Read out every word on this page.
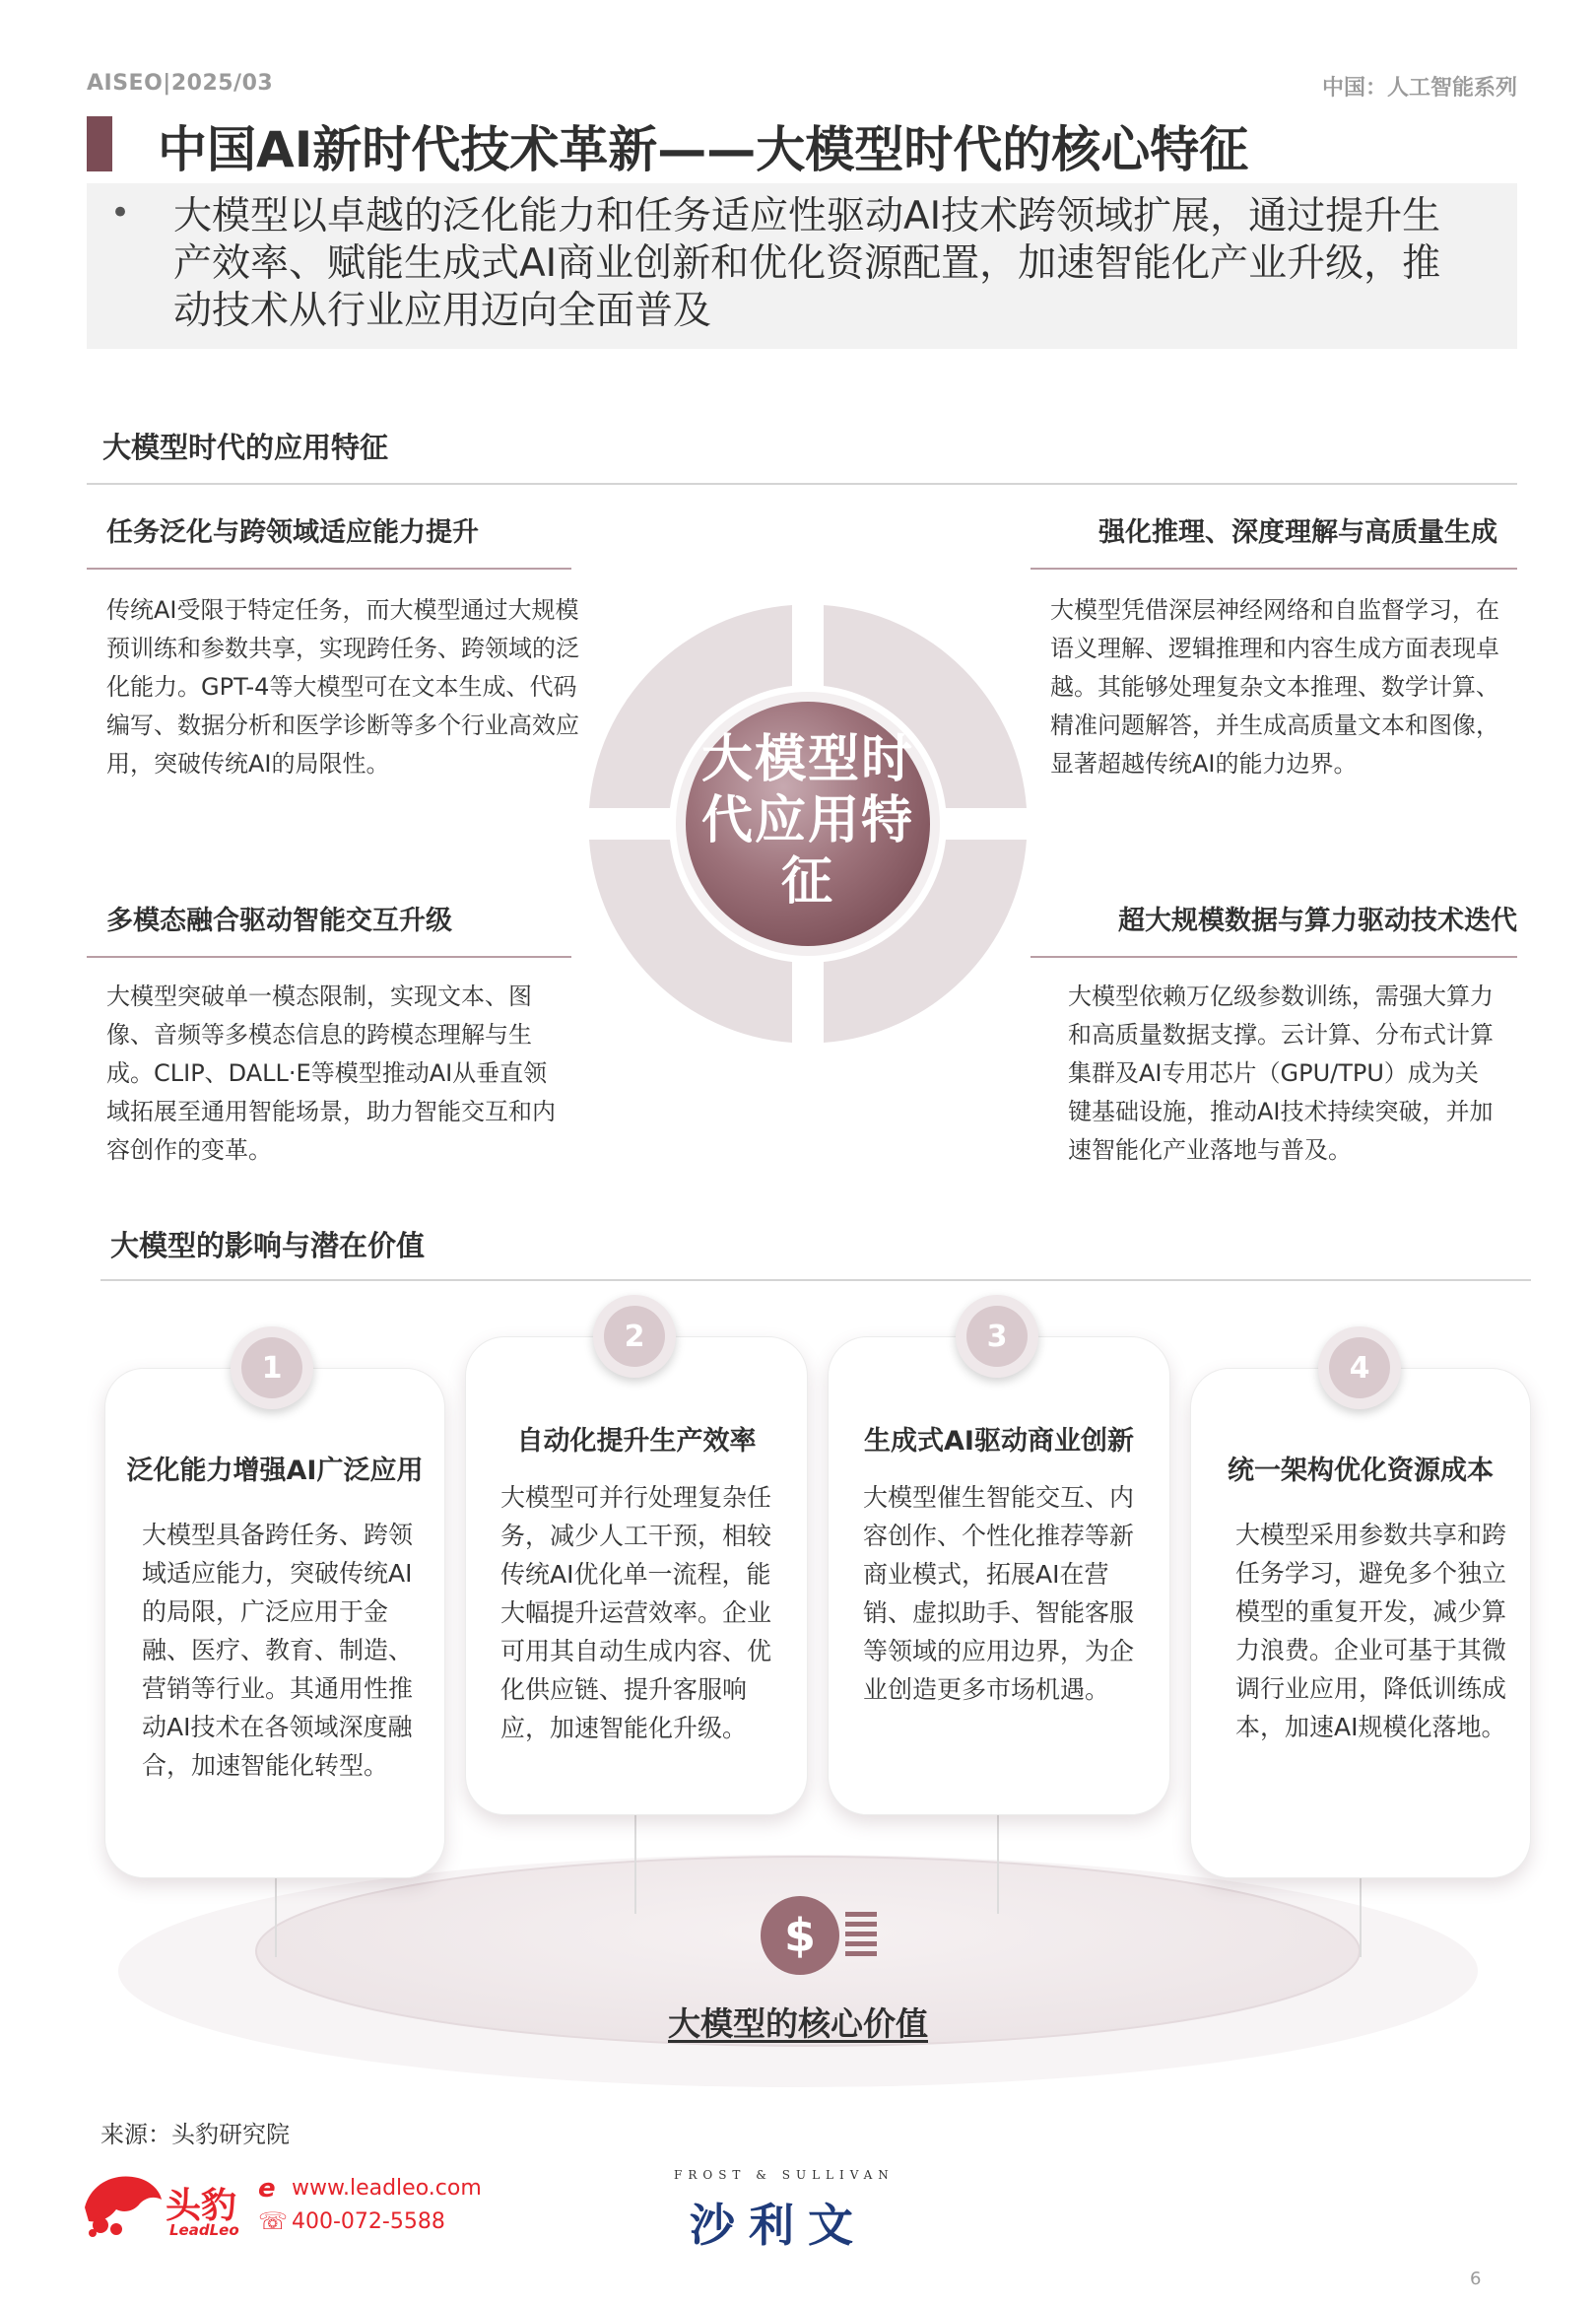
AISEO|2025/03	中国：人工智能系列
中国AI新时代技术革新——大模型时代的核心特征
• 大模型以卓越的泛化能力和任务适应性驱动AI技术跨领域扩展，通过提升生产效率、赋能生成式AI商业创新和优化资源配置，加速智能化产业升级，推动技术从行业应用迈向全面普及
大模型时代的应用特征
任务泛化与跨领域适应能力提升
传统AI受限于特定任务，而大模型通过大规模预训练和参数共享，实现跨任务、跨领域的泛化能力。GPT-4等大模型可在文本生成、代码编写、数据分析和医学诊断等多个行业高效应用，突破传统AI的局限性。
强化推理、深度理解与高质量生成
大模型凭借深层神经网络和自监督学习，在语义理解、逻辑推理和内容生成方面表现卓越。其能够处理复杂文本推理、数学计算、精准问题解答，并生成高质量文本和图像，显著超越传统AI的能力边界。
多模态融合驱动智能交互升级
大模型突破单一模态限制，实现文本、图像、音频等多模态信息的跨模态理解与生成。CLIP、DALL·E等模型推动AI从垂直领域拓展至通用智能场景，助力智能交互和内容创作的变革。
超大规模数据与算力驱动技术迭代
大模型依赖万亿级参数训练，需强大算力和高质量数据支撑。云计算、分布式计算集群及AI专用芯片（GPU/TPU）成为关键基础设施，推动AI技术持续突破，并加速智能化产业落地与普及。
大模型时代应用特征
大模型的影响与潜在价值
泛化能力增强AI广泛应用
大模型具备跨任务、跨领域适应能力，突破传统AI的局限，广泛应用于金融、医疗、教育、制造、营销等行业。其通用性推动AI技术在各领域深度融合，加速智能化转型。
1
自动化提升生产效率
大模型可并行处理复杂任务，减少人工干预，相较传统AI优化单一流程，能大幅提升运营效率。企业可用其自动生成内容、优化供应链、提升客服响应，加速智能化升级。
2
生成式AI驱动商业创新
大模型催生智能交互、内容创作、个性化推荐等新商业模式，拓展AI在营销、虚拟助手、智能客服等领域的应用边界，为企业创造更多市场机遇。
3
统一架构优化资源成本
大模型采用参数共享和跨任务学习，避免多个独立模型的重复开发，减少算力浪费。企业可基于其微调行业应用，降低训练成本，加速AI规模化落地。
4
$
大模型的核心价值
来源：头豹研究院
头豹
LeadLeo
e www.leadleo.com
☏ 400-072-5588
FROST & SULLIVAN
沙利文
6
